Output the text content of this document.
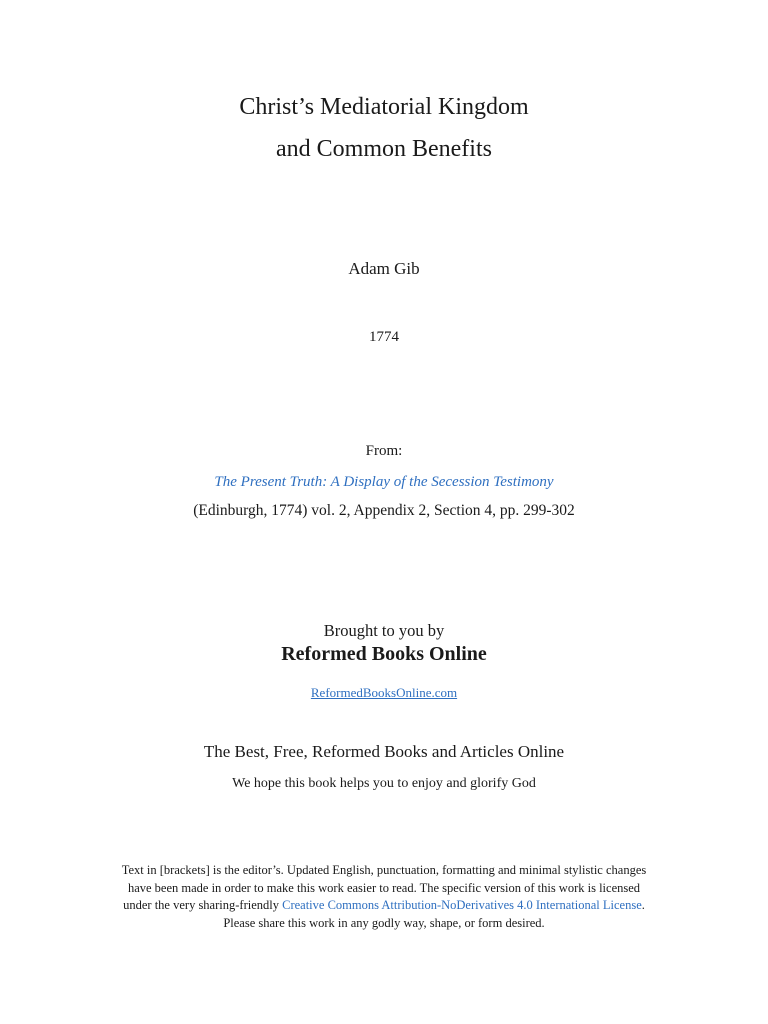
Christ’s Mediatorial Kingdom
and Common Benefits
Adam Gib
1774
From:
The Present Truth: A Display of the Secession Testimony
(Edinburgh, 1774) vol. 2, Appendix 2, Section 4, pp. 299-302
Brought to you by
Reformed Books Online
ReformedBooksOnline.com
The Best, Free, Reformed Books and Articles Online
We hope this book helps you to enjoy and glorify God
Text in [brackets] is the editor’s. Updated English, punctuation, formatting and minimal stylistic changes
have been made in order to make this work easier to read. The specific version of this work is licensed
under the very sharing-friendly Creative Commons Attribution-NoDerivatives 4.0 International License.
Please share this work in any godly way, shape, or form desired.
